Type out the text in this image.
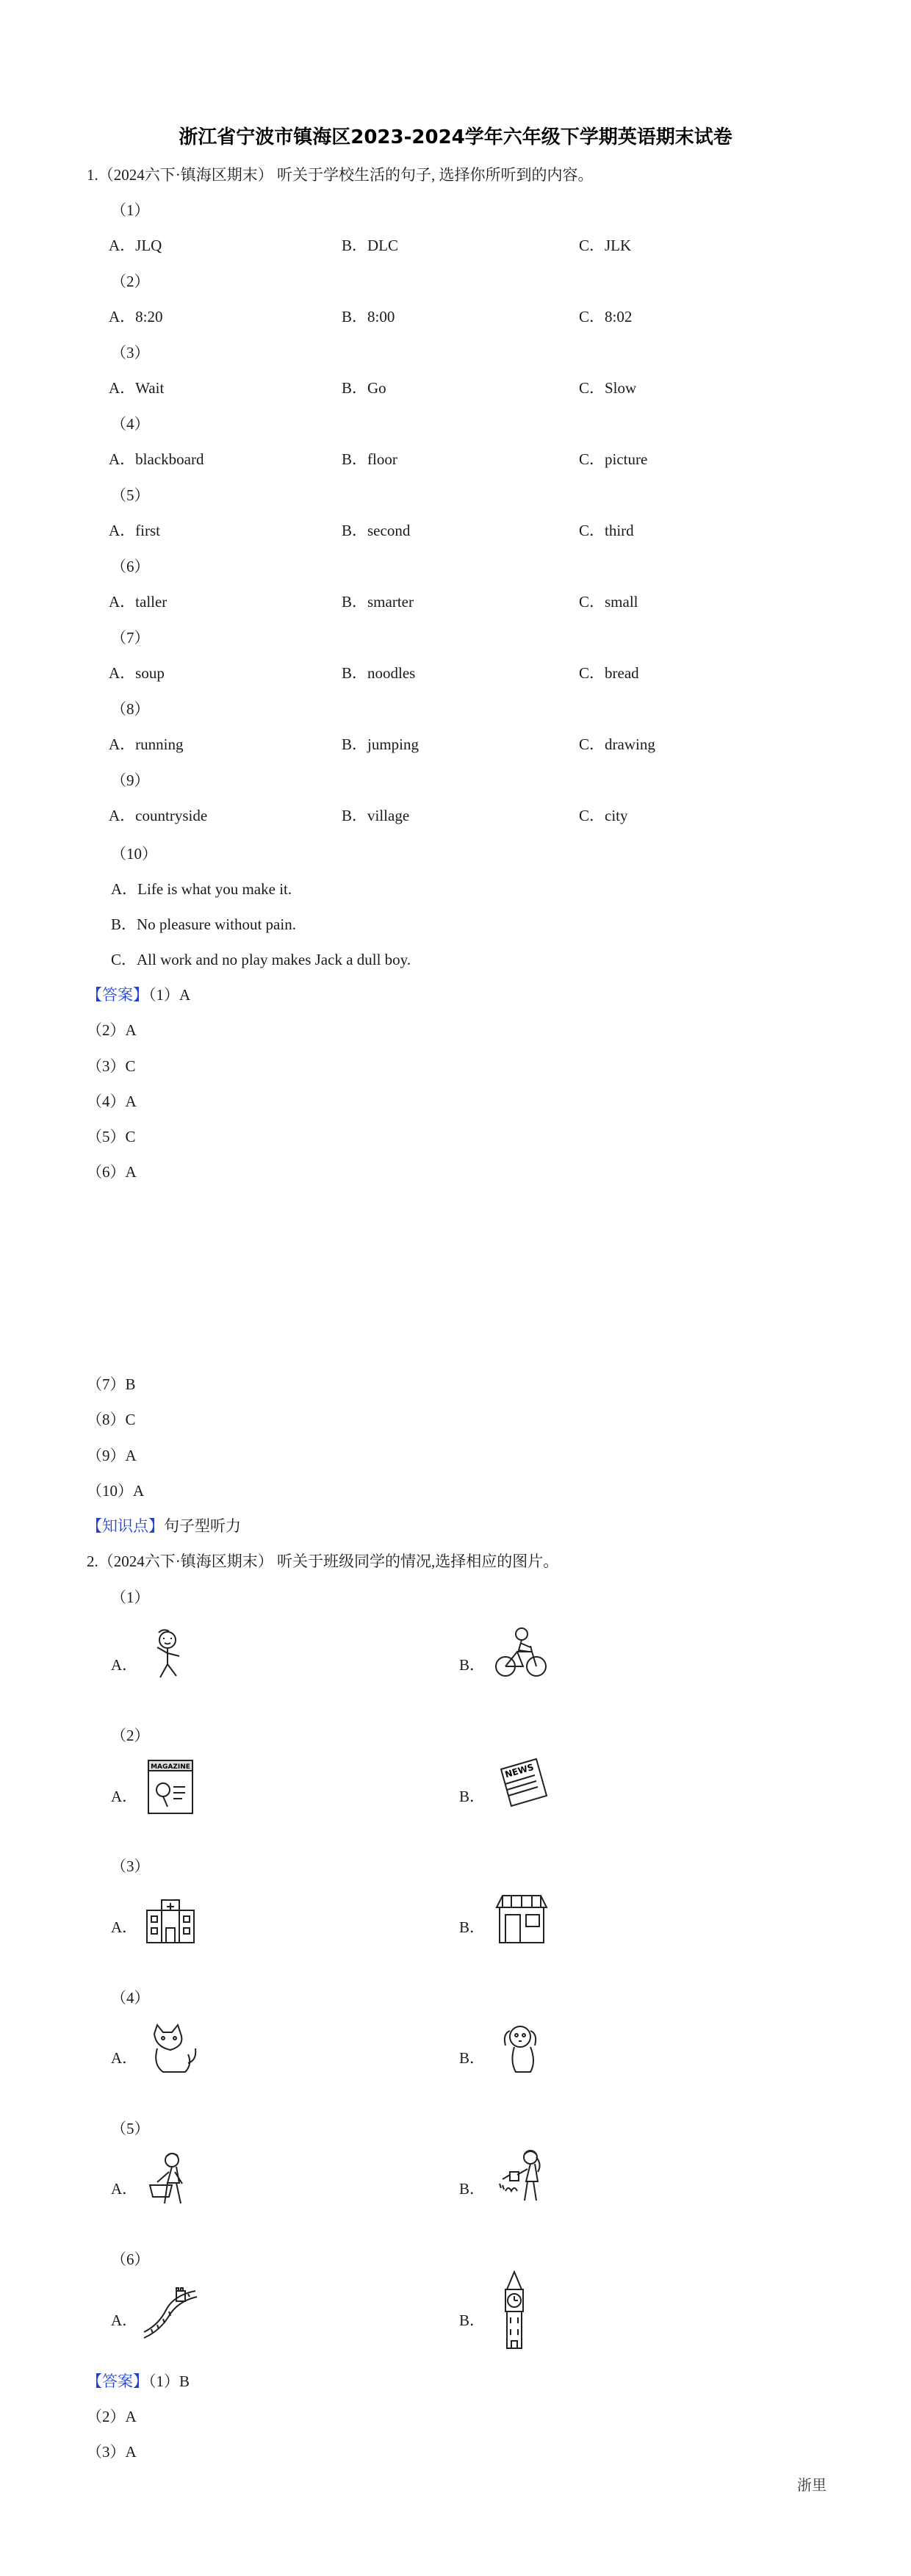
浙江省宁波市镇海区2023-2024学年六年级下学期英语期末试卷
1.（2024六下·镇海区期末） 听关于学校生活的句子, 选择你所听到的内容。
（1）
A．JLQ	B．DLC	C．JLK
（2）
A．8:20	B．8:00	C．8:02
（3）
A．Wait	B．Go	C．Slow
（4）
A．blackboard	B．floor	C．picture
（5）
A．first	B．second	C．third
（6）
A．taller	B．smarter	C．small
（7）
A．soup	B．noodles	C．bread
（8）
A．running	B．jumping	C．drawing
（9）
A．countryside	B．village	C．city
（10）
A．Life is what you make it.
B．No pleasure without pain.
C．All work and no play makes Jack a dull boy.
【答案】（1）A
（2）A
（3）C
（4）A
（5）C
（6）A
（7）B
（8）C
（9）A
（10）A
【知识点】句子型听力
2.（2024六下·镇海区期末） 听关于班级同学的情况,选择相应的图片。
（1）
A．	B．
（2）
A．
MAGAZINE
B．
NEWS
（3）
A．	B．
（4）
A．	B．
（5）
A．	B．
（6）
A．	B．
【答案】（1）B
（2）A
（3）A
浙里
